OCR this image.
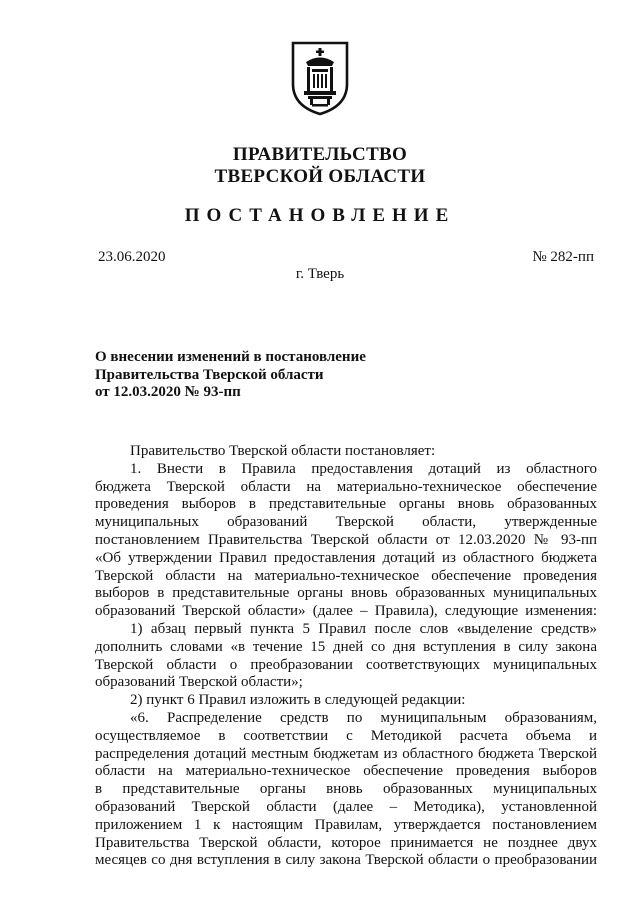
ПРАВИТЕЛЬСТВО
ТВЕРСКОЙ ОБЛАСТИ
ПОСТАНОВЛЕНИЕ
23.06.2020	№ 282-пп
г. Тверь
О внесении изменений в постановление
Правительства Тверской области
от 12.03.2020 № 93-пп
Правительство Тверской области постановляет:
1. Внести в Правила предоставления дотаций из областного
бюджета Тверской области на материально-техническое обеспечение
проведения выборов в представительные органы вновь образованных
муниципальных образований Тверской области, утвержденные
постановлением Правительства Тверской области от 12.03.2020 № 93-пп
«Об утверждении Правил предоставления дотаций из областного бюджета
Тверской области на материально-техническое обеспечение проведения
выборов в представительные органы вновь образованных муниципальных
образований Тверской области» (далее – Правила), следующие изменения:
1) абзац первый пункта 5 Правил после слов «выделение средств»
дополнить словами «в течение 15 дней со дня вступления в силу закона
Тверской области о преобразовании соответствующих муниципальных
образований Тверской области»;
2) пункт 6 Правил изложить в следующей редакции:
«6. Распределение средств по муниципальным образованиям,
осуществляемое в соответствии с Методикой расчета объема и
распределения дотаций местным бюджетам из областного бюджета Тверской
области на материально-техническое обеспечение проведения выборов
в представительные органы вновь образованных муниципальных
образований Тверской области (далее – Методика), установленной
приложением 1 к настоящим Правилам, утверждается постановлением
Правительства Тверской области, которое принимается не позднее двух
месяцев со дня вступления в силу закона Тверской области о преобразовании
